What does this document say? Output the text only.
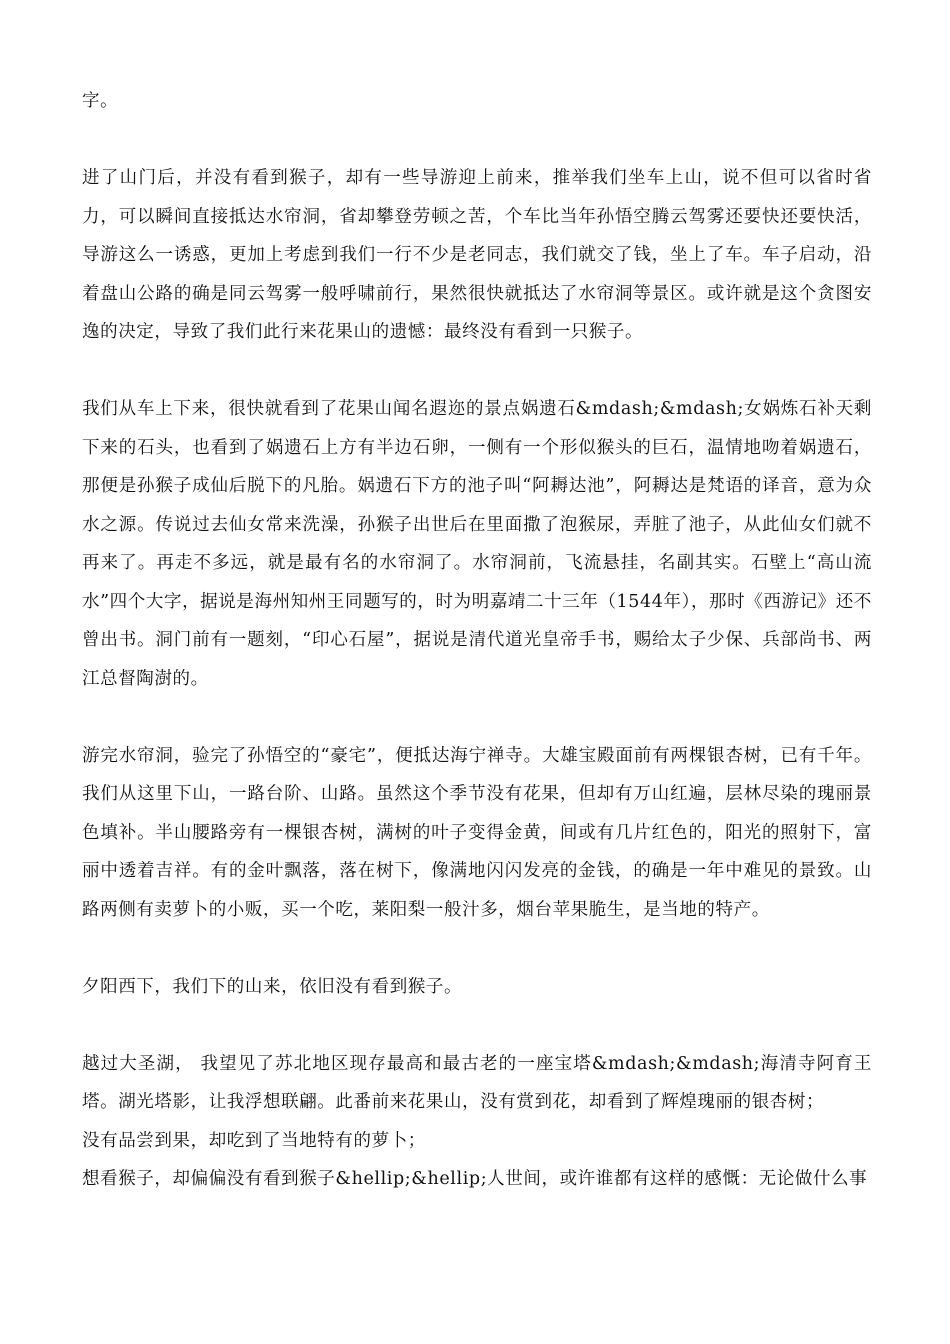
字。

进了山门后，并没有看到猴子，却有一些导游迎上前来，推举我们坐车上山，说不但可以省时省力，可以瞬间直接抵达水帘洞，省却攀登劳顿之苦，个车比当年孙悟空腾云驾雾还要快还要快活，导游这么一诱惑，更加上考虑到我们一行不少是老同志，我们就交了钱，坐上了车。车子启动，沿着盘山公路的确是同云驾雾一般呼啸前行，果然很快就抵达了水帘洞等景区。或许就是这个贪图安逸的决定，导致了我们此行来花果山的遗憾：最终没有看到一只猴子。

我们从车上下来，很快就看到了花果山闻名遐迩的景点娲遗石&mdash;&mdash;女娲炼石补天剩下来的石头，也看到了娲遗石上方有半边石卵，一侧有一个形似猴头的巨石，温情地吻着娲遗石，那便是孙猴子成仙后脱下的凡胎。娲遗石下方的池子叫“阿耨达池”，阿耨达是梵语的译音，意为众水之源。传说过去仙女常来洗澡，孙猴子出世后在里面撒了泡猴尿，弄脏了池子，从此仙女们就不再来了。再走不多远，就是最有名的水帘洞了。水帘洞前，飞流悬挂，名副其实。石壁上“高山流水”四个大字，据说是海州知州王同题写的，时为明嘉靖二十三年（1544年），那时《西游记》还不曾出书。洞门前有一题刻，“印心石屋”，据说是清代道光皇帝手书，赐给太子少保、兵部尚书、两江总督陶澍的。

游完水帘洞，验完了孙悟空的“豪宅”，便抵达海宁禅寺。大雄宝殿面前有两棵银杏树，已有千年。我们从这里下山，一路台阶、山路。虽然这个季节没有花果，但却有万山红遍，层林尽染的瑰丽景色填补。半山腰路旁有一棵银杏树，满树的叶子变得金黄，间或有几片红色的，阳光的照射下，富丽中透着吉祥。有的金叶飘落，落在树下，像满地闪闪发亮的金钱，的确是一年中难见的景致。山路两侧有卖萝卜的小贩，买一个吃，莱阳梨一般汁多，烟台苹果脆生，是当地的特产。

夕阳西下，我们下的山来，依旧没有看到猴子。

越过大圣湖， 我望见了苏北地区现存最高和最古老的一座宝塔&mdash;&mdash;海清寺阿育王塔。湖光塔影，让我浮想联翩。此番前来花果山，没有赏到花，却看到了辉煌瑰丽的银杏树；

没有品尝到果，却吃到了当地特有的萝卜；

想看猴子，却偏偏没有看到猴子&hellip;&hellip;人世间，或许谁都有这样的感慨：无论做什么事
